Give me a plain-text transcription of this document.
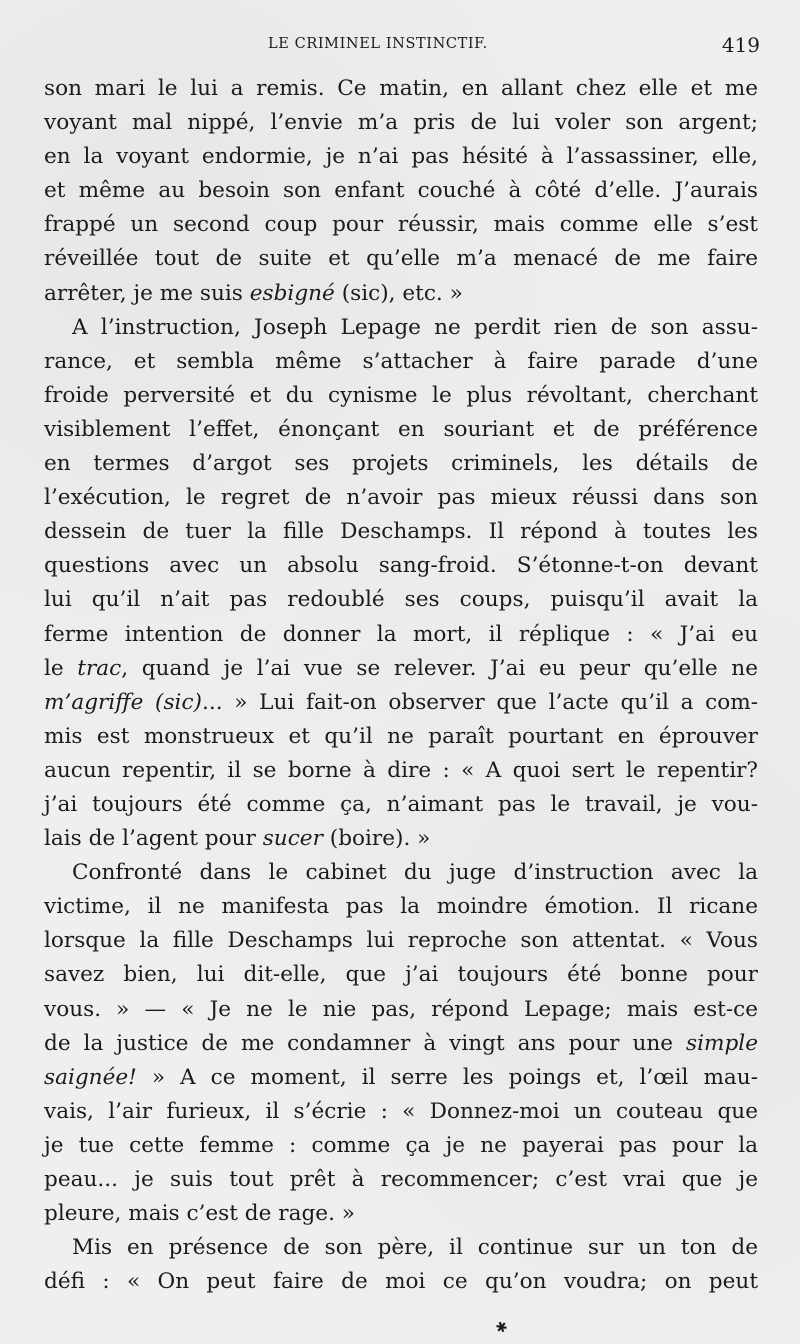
LE CRIMINEL INSTINCTIF.	419
son mari le lui a remis. Ce matin, en allant chez elle et me
voyant mal nippé, l’envie m’a pris de lui voler son argent;
en la voyant endormie, je n’ai pas hésité à l’assassiner, elle,
et même au besoin son enfant couché à côté d’elle. J’aurais
frappé un second coup pour réussir, mais comme elle s’est
réveillée tout de suite et qu’elle m’a menacé de me faire
arrêter, je me suis esbigné (sic), etc. »
A l’instruction, Joseph Lepage ne perdit rien de son assu-
rance, et sembla même s’attacher à faire parade d’une
froide perversité et du cynisme le plus révoltant, cherchant
visiblement l’effet, énonçant en souriant et de préférence
en termes d’argot ses projets criminels, les détails de
l’exécution, le regret de n’avoir pas mieux réussi dans son
dessein de tuer la fille Deschamps. Il répond à toutes les
questions avec un absolu sang-froid. S’étonne-t-on devant
lui qu’il n’ait pas redoublé ses coups, puisqu’il avait la
ferme intention de donner la mort, il réplique : « J’ai eu
le trac, quand je l’ai vue se relever. J’ai eu peur qu’elle ne
m’agriffe (sic)... » Lui fait-on observer que l’acte qu’il a com-
mis est monstrueux et qu’il ne paraît pourtant en éprouver
aucun repentir, il se borne à dire : « A quoi sert le repentir?
j’ai toujours été comme ça, n’aimant pas le travail, je vou-
lais de l’agent pour sucer (boire). »
Confronté dans le cabinet du juge d’instruction avec la
victime, il ne manifesta pas la moindre émotion. Il ricane
lorsque la fille Deschamps lui reproche son attentat. « Vous
savez bien, lui dit-elle, que j’ai toujours été bonne pour
vous. » — « Je ne le nie pas, répond Lepage; mais est-ce
de la justice de me condamner à vingt ans pour une simple
saignée! » A ce moment, il serre les poings et, l’œil mau-
vais, l’air furieux, il s’écrie : « Donnez-moi un couteau que
je tue cette femme : comme ça je ne payerai pas pour la
peau... je suis tout prêt à recommencer; c’est vrai que je
pleure, mais c’est de rage. »
Mis en présence de son père, il continue sur un ton de
défi : « On peut faire de moi ce qu’on voudra; on peut
✱
